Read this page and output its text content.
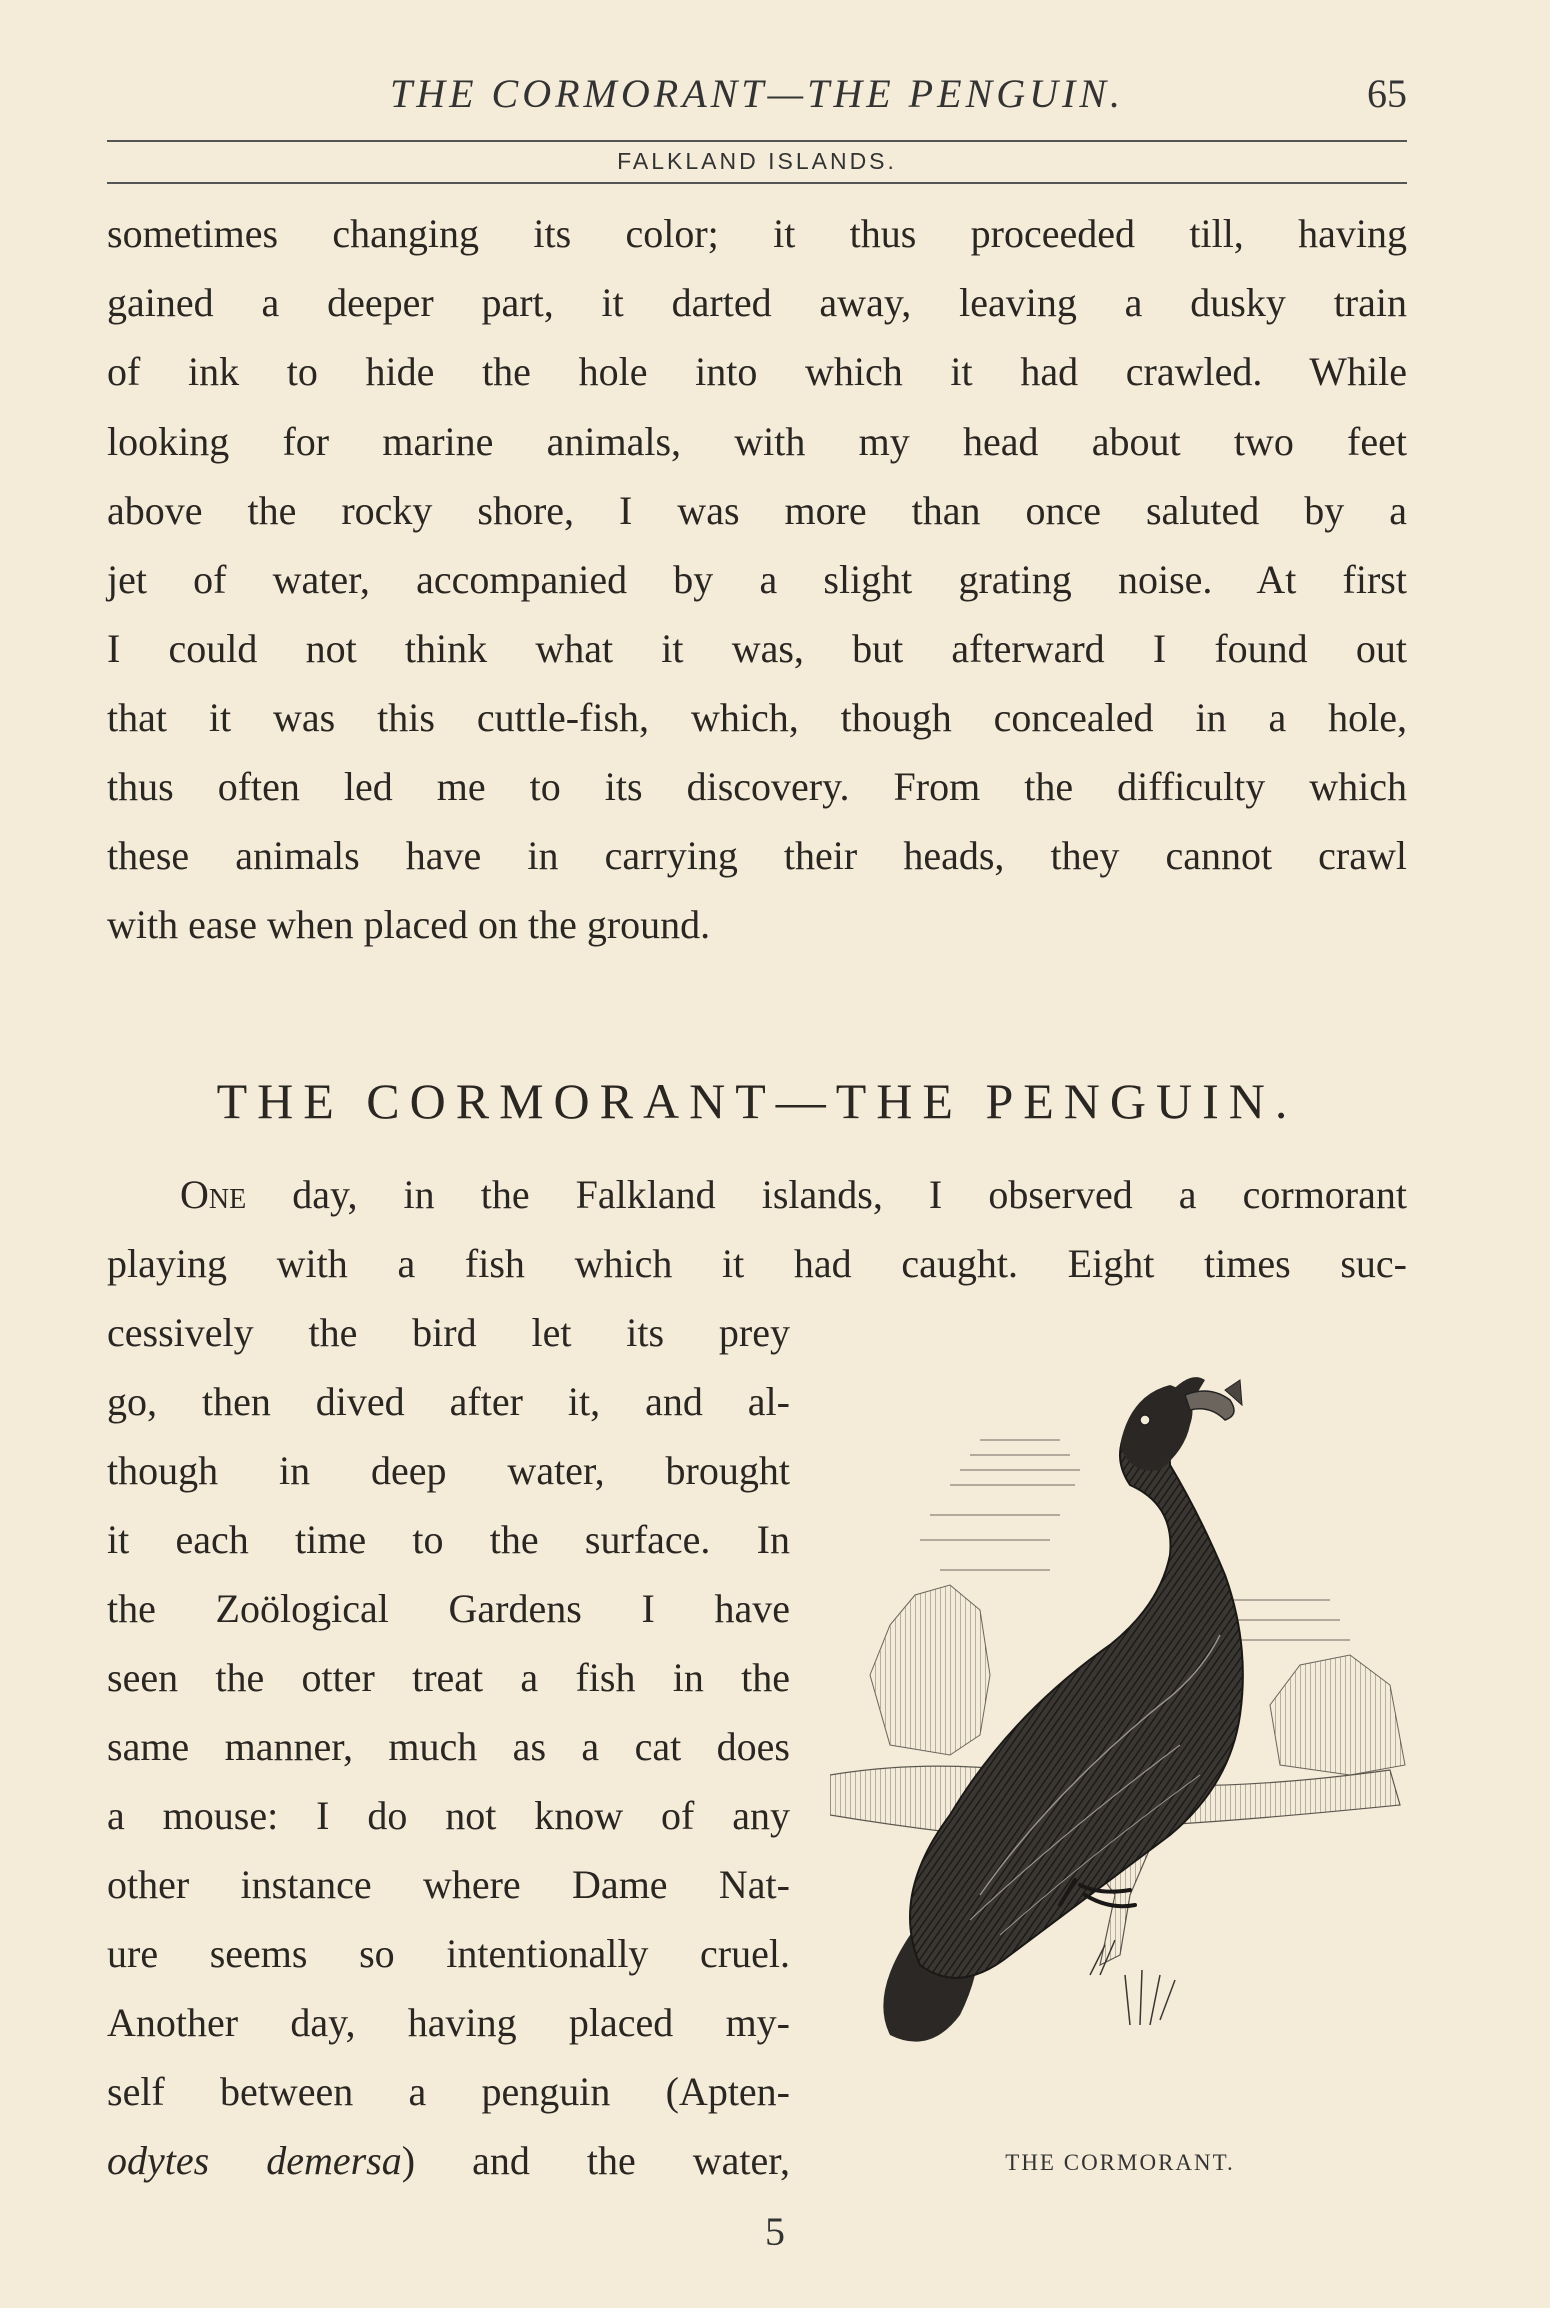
THE CORMORANT—THE PENGUIN.	65
FALKLAND ISLANDS.
sometimes changing its color; it thus proceeded till, having
gained a deeper part, it darted away, leaving a dusky train
of ink to hide the hole into which it had crawled. While
looking for marine animals, with my head about two feet
above the rocky shore, I was more than once saluted by a
jet of water, accompanied by a slight grating noise. At first
I could not think what it was, but afterward I found out
that it was this cuttle-fish, which, though concealed in a hole,
thus often led me to its discovery. From the difficulty which
these animals have in carrying their heads, they cannot crawl
with ease when placed on the ground.
THE CORMORANT—THE PENGUIN.
One day, in the Falkland islands, I observed a cormorant
playing with a fish which it had caught. Eight times suc-
cessively the bird let its prey
go, then dived after it, and al-
though in deep water, brought
it each time to the surface. In
the Zoölogical Gardens I have
seen the otter treat a fish in the
same manner, much as a cat does
a mouse: I do not know of any
other instance where Dame Nat-
ure seems so intentionally cruel.
Another day, having placed my-
self between a penguin (Apten-
odytes demersa) and the water,	THE CORMORANT.
5
